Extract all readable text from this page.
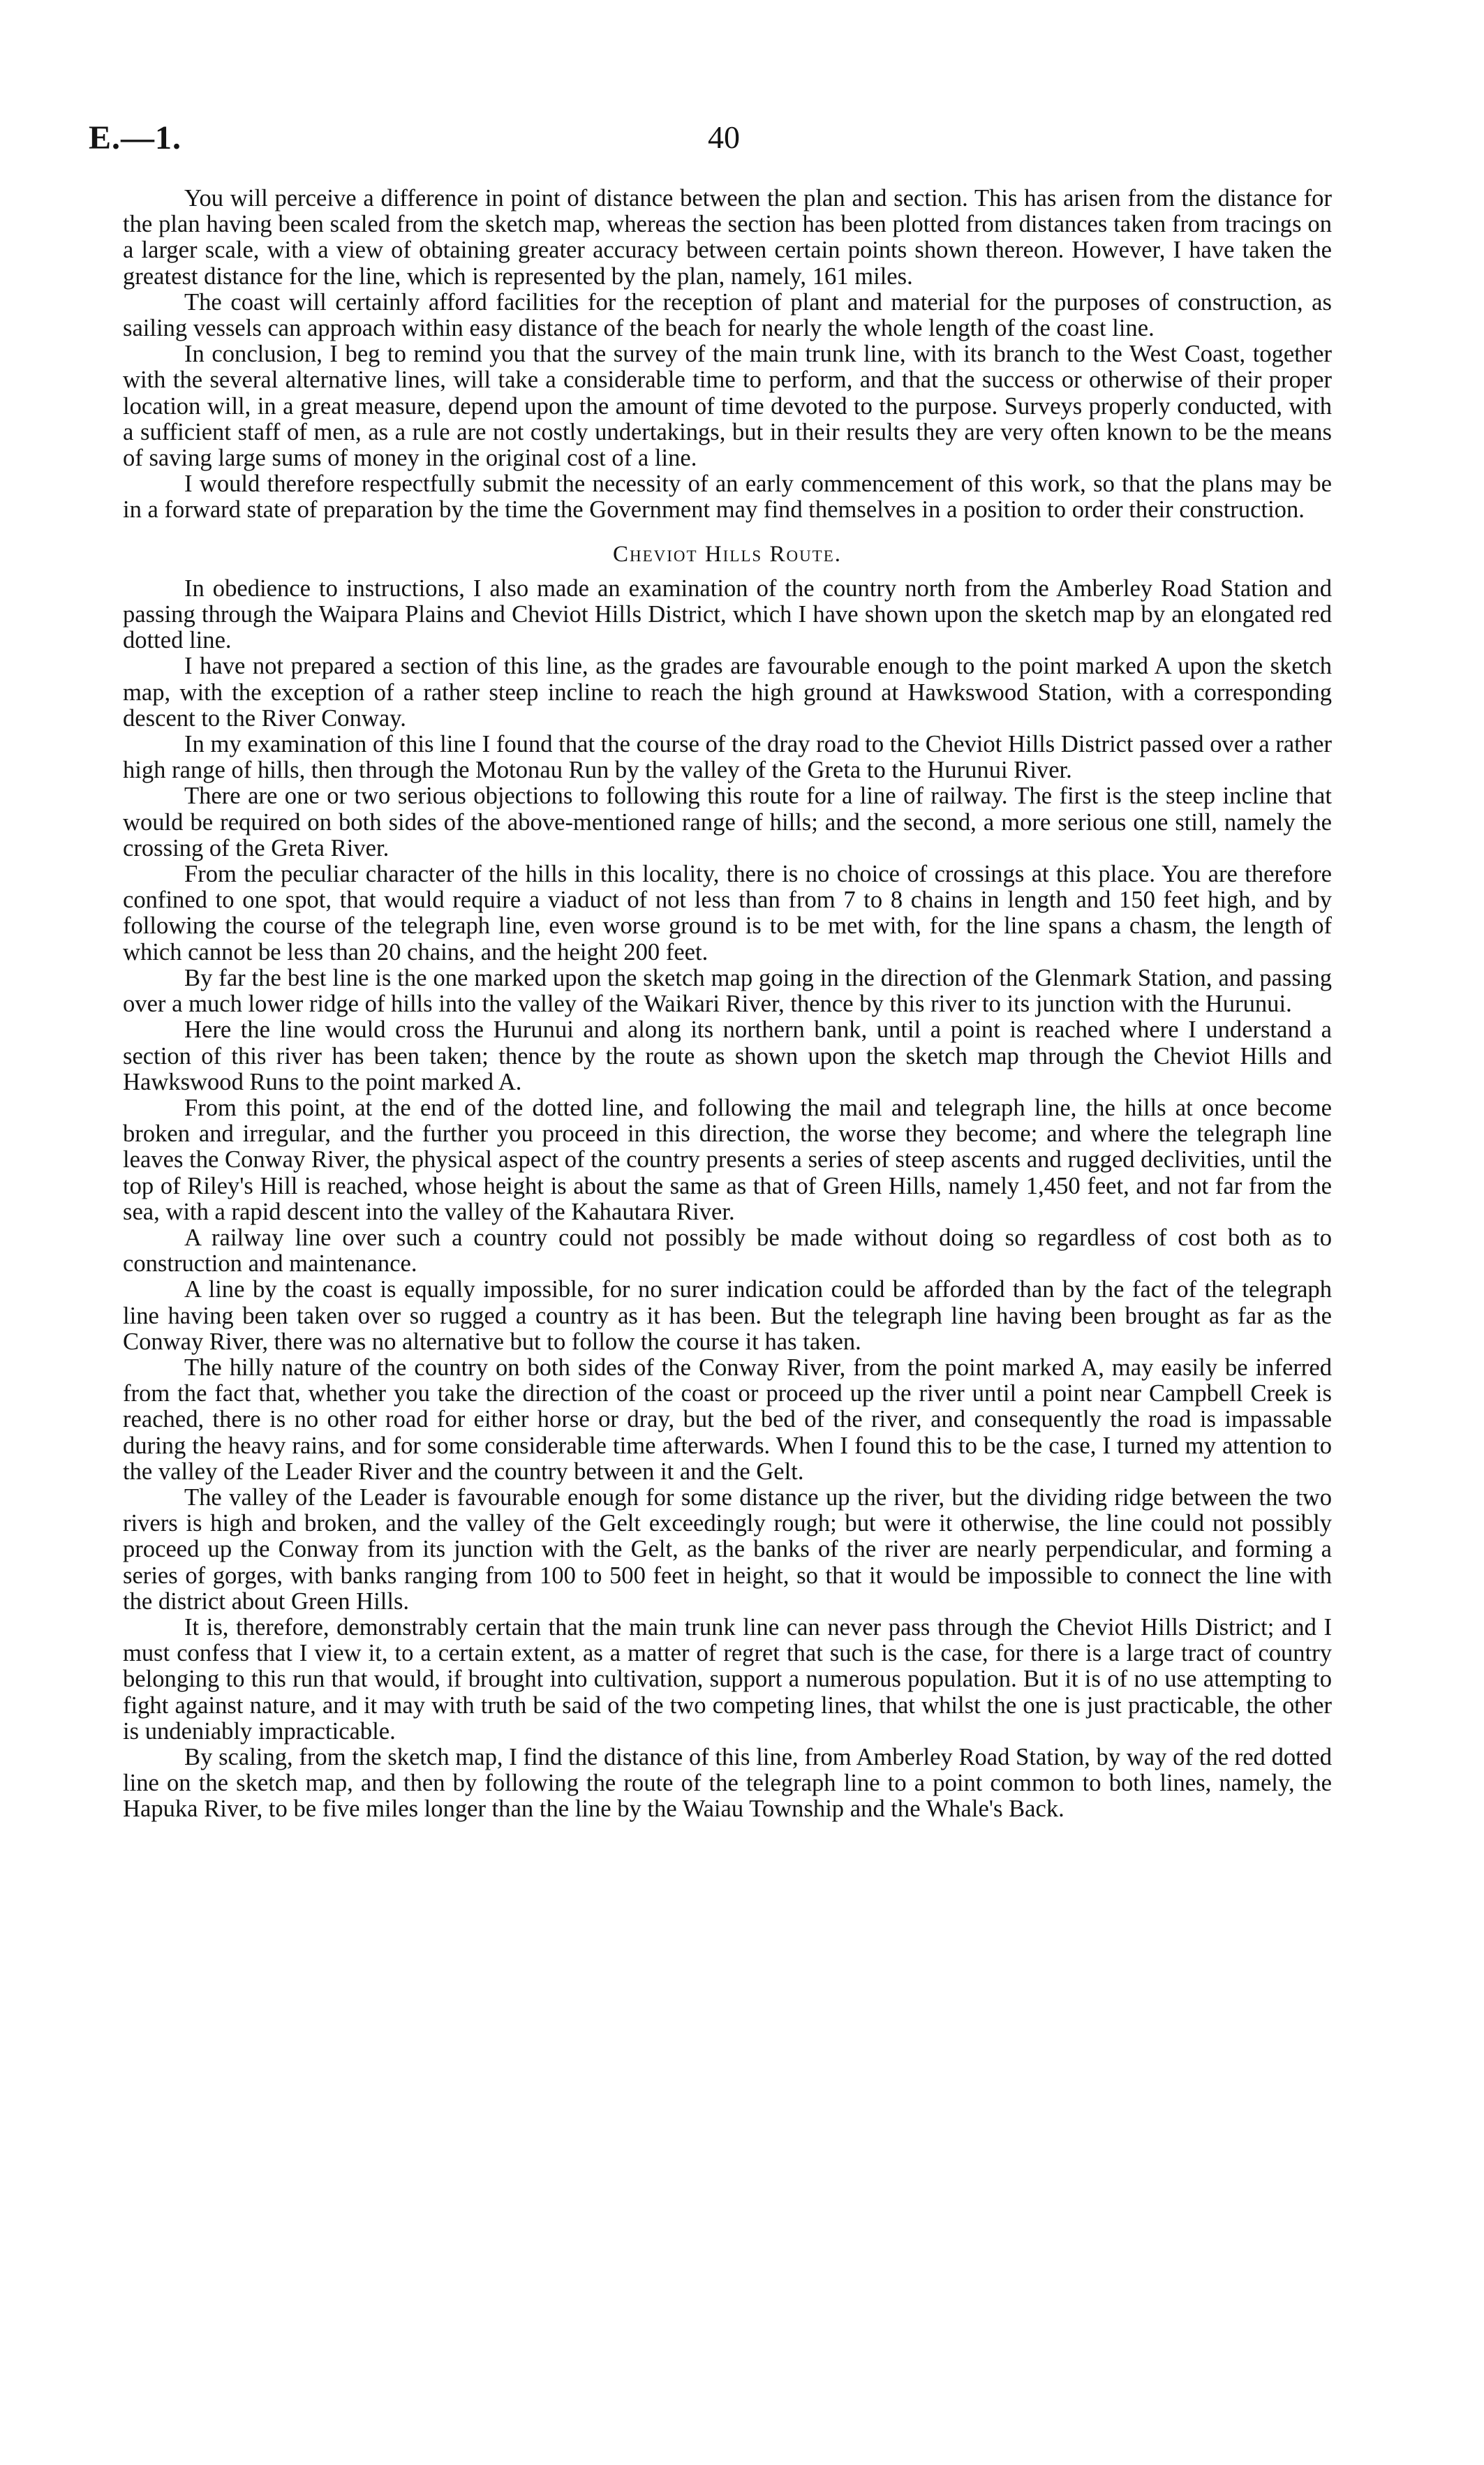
E.—1.	40

You will perceive a difference in point of distance between the plan and section. This has arisen from the distance for the plan having been scaled from the sketch map, whereas the section has been plotted from distances taken from tracings on a larger scale, with a view of obtaining greater accuracy between certain points shown thereon. However, I have taken the greatest distance for the line, which is represented by the plan, namely, 161 miles.

The coast will certainly afford facilities for the reception of plant and material for the purposes of construction, as sailing vessels can approach within easy distance of the beach for nearly the whole length of the coast line.

In conclusion, I beg to remind you that the survey of the main trunk line, with its branch to the West Coast, together with the several alternative lines, will take a considerable time to perform, and that the success or otherwise of their proper location will, in a great measure, depend upon the amount of time devoted to the purpose. Surveys properly conducted, with a sufficient staff of men, as a rule are not costly undertakings, but in their results they are very often known to be the means of saving large sums of money in the original cost of a line.

I would therefore respectfully submit the necessity of an early commencement of this work, so that the plans may be in a forward state of preparation by the time the Government may find themselves in a position to order their construction.

Cheviot Hills Route.

In obedience to instructions, I also made an examination of the country north from the Amberley Road Station and passing through the Waipara Plains and Cheviot Hills District, which I have shown upon the sketch map by an elongated red dotted line.

I have not prepared a section of this line, as the grades are favourable enough to the point marked A upon the sketch map, with the exception of a rather steep incline to reach the high ground at Hawkswood Station, with a corresponding descent to the River Conway.

In my examination of this line I found that the course of the dray road to the Cheviot Hills District passed over a rather high range of hills, then through the Motonau Run by the valley of the Greta to the Hurunui River.

There are one or two serious objections to following this route for a line of railway. The first is the steep incline that would be required on both sides of the above-mentioned range of hills; and the second, a more serious one still, namely the crossing of the Greta River.

From the peculiar character of the hills in this locality, there is no choice of crossings at this place. You are therefore confined to one spot, that would require a viaduct of not less than from 7 to 8 chains in length and 150 feet high, and by following the course of the telegraph line, even worse ground is to be met with, for the line spans a chasm, the length of which cannot be less than 20 chains, and the height 200 feet.

By far the best line is the one marked upon the sketch map going in the direction of the Glenmark Station, and passing over a much lower ridge of hills into the valley of the Waikari River, thence by this river to its junction with the Hurunui.

Here the line would cross the Hurunui and along its northern bank, until a point is reached where I understand a section of this river has been taken; thence by the route as shown upon the sketch map through the Cheviot Hills and Hawkswood Runs to the point marked A.

From this point, at the end of the dotted line, and following the mail and telegraph line, the hills at once become broken and irregular, and the further you proceed in this direction, the worse they become; and where the telegraph line leaves the Conway River, the physical aspect of the country presents a series of steep ascents and rugged declivities, until the top of Riley's Hill is reached, whose height is about the same as that of Green Hills, namely 1,450 feet, and not far from the sea, with a rapid descent into the valley of the Kahautara River.

A railway line over such a country could not possibly be made without doing so regardless of cost both as to construction and maintenance.

A line by the coast is equally impossible, for no surer indication could be afforded than by the fact of the telegraph line having been taken over so rugged a country as it has been. But the telegraph line having been brought as far as the Conway River, there was no alternative but to follow the course it has taken.

The hilly nature of the country on both sides of the Conway River, from the point marked A, may easily be inferred from the fact that, whether you take the direction of the coast or proceed up the river until a point near Campbell Creek is reached, there is no other road for either horse or dray, but the bed of the river, and consequently the road is impassable during the heavy rains, and for some considerable time afterwards. When I found this to be the case, I turned my attention to the valley of the Leader River and the country between it and the Gelt.

The valley of the Leader is favourable enough for some distance up the river, but the dividing ridge between the two rivers is high and broken, and the valley of the Gelt exceedingly rough; but were it otherwise, the line could not possibly proceed up the Conway from its junction with the Gelt, as the banks of the river are nearly perpendicular, and forming a series of gorges, with banks ranging from 100 to 500 feet in height, so that it would be impossible to connect the line with the district about Green Hills.

It is, therefore, demonstrably certain that the main trunk line can never pass through the Cheviot Hills District; and I must confess that I view it, to a certain extent, as a matter of regret that such is the case, for there is a large tract of country belonging to this run that would, if brought into cultivation, support a numerous population. But it is of no use attempting to fight against nature, and it may with truth be said of the two competing lines, that whilst the one is just practicable, the other is undeniably impracticable.

By scaling, from the sketch map, I find the distance of this line, from Amberley Road Station, by way of the red dotted line on the sketch map, and then by following the route of the telegraph line to a point common to both lines, namely, the Hapuka River, to be five miles longer than the line by the Waiau Township and the Whale's Back.
